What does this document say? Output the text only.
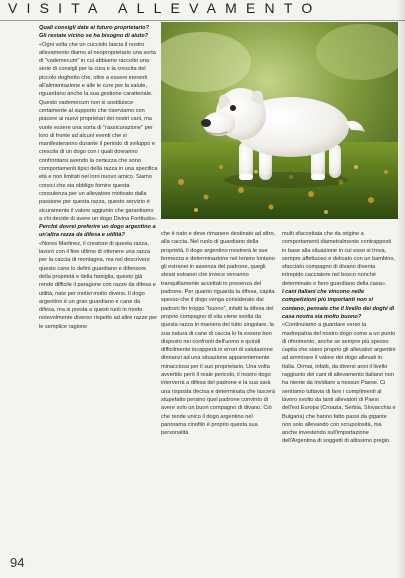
VISITA ALLEVAMENTO

Quali consigli date ai futuro proprietario? Gli restate vicino se ha bisogno di aiuto?

«Ogni volta che un cucciolo lascia il nostro allevamento diamo al neoproprietario una sorta di "vademecum" in cui abbiamo raccolto una serie di consigli per la cura e la crescita del piccolo doghetto che, oltre a essere inerenti all'alimentazione e alle le cure per la salute, riguardano anche la sua gestione caratteriale. Questo vademecum non si sostituisce certamente al supporto che riserviamo con piacere ai nuovi proprietari dei nostri cani, ma vuole essere una sorta di "rassicurazione" per loro di fronte ad alcuni eventi che si manifesteranno durante il periodo di sviluppo e crescita di un dogo con i quali dovranno confrontarsi avendo la certezza che sono comportamenti tipici della razza in una specifica età e non limitati nel loro nuovo amico. Siamo consci che sia obbligo fornire questa consulenza per un allevatore motivato dalla passione per questa razza, questo servizio è sicuramente il valore aggiunto che garantiamo a chi decide di avere un dogo Divina Fortitudo».

Perché dovrei preferire un dogo argentino a un'altra razza da difesa e utilità?

«Nores Martinez, il creatore di questa razza, lavorò con il fine ultimo di ottenere una razza per la caccia di montagna, ma nel descrivere questo cane lo definì guardiano e difensore della proprietà e della famiglia, questo già rende difficile il paragone con razze da difesa e utilità, nate per motivi molto diversi. Il dogo argentino è un gran guardiano e cane da difesa, ma si presta a questi ruoli in modo notevolmente diverso rispetto ad altre razze per le semplice ragione

che è nato e deve rimanere destinato ad altro, alla caccia. Nel ruolo di guardiano della proprietà, il dogo argentino mostrerà le sue fermezza e determinazione nel tenere lontano gli estranei in assenza del padrone, quegli stessi estranei che invece verranno tranquillamente accettati in presenza del padrone. Per quanto riguarda la difesa, capita spesso che il dogo venga considerato dai padroni fin troppo "buono", infatti la difesa del proprio compagno di vita viene svolta da questa razza in maniera del tutto singolare, la sua natura di cane di caccia lo fa essere ben disposto nei confronti dell'uomo e quindi difficilmente incapperà in errori di valutazione dinnanzi ad una situazione apparentemente minacciosa per il suo proprietario. Una volta avvertito però il reale pericolo, il nostro dogo interverrà a difesa del padrone e la sua sarà una risposta decisa e determinata che lascerà stupefatto persino quel padrone convinto di avere solo un buon compagno di divano. Ciò che rende unico il dogo argentino nel panorama cinofilo è proprio questa sua personalità

multi sfaccettata che da origine a comportamenti diametralmente contrapposti in base alla situazione in cui esso si trova, sempre affettuoso e delicato con un bambino, sfacciato compagno di divano diventa intrepido cacciatore nel bosco nonché determinato e fiero guardiano della casa».

I cani italiani che vincono nelle competizioni più importanti non si contano, pensate che il livello dei doghi di casa nostra sia molto buono?

«Continuiamo a guardare verso la madrepatria del nostro dogo come a un punto di riferimento, anche se sempre più spesso capita che siano proprio gli allevatori argentini ad ammirare il valore dei dogo allevati in Italia. Ormai, infatti, da diversi anni il livello raggiunto dei cani di allevamento italiano non ha niente da invidiare a nessun Paese. Ci sentiamo tuttavia di fare i complimenti al lavoro svolto da tanti allevatori di Paesi dell'est Europa (Croazia, Serbia, Slovacchia e Bulgaria) che hanno fatto passi da gigante non solo allevando con scrupolosità, ma anche investendo sull'importazione dell'Argentina di soggetti di altissimo pregio.

94
